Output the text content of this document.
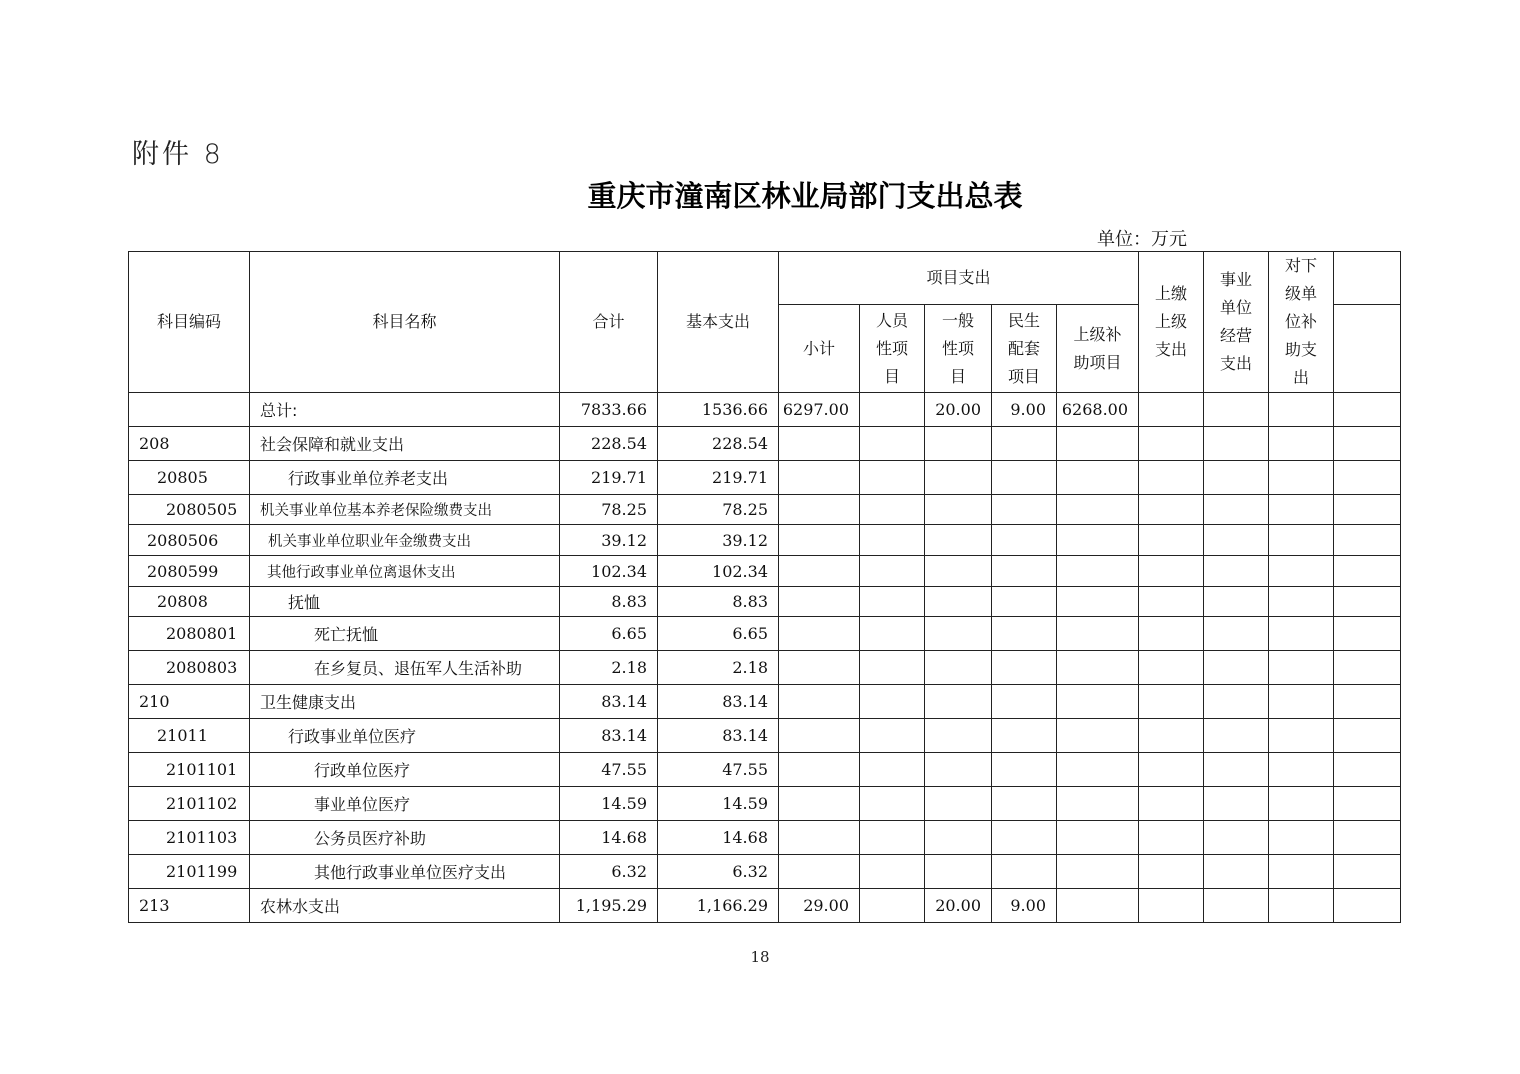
附件 8
重庆市潼南区林业局部门支出总表
单位：万元
科目编码	科目名称	合计	基本支出	项目支出					上缴上级支出	事业单位经营支出	对下级单位补助支出	
				小计	人员性项目	一般性项目	民生配套项目	上级补助项目				
	总计:	7833.66	1536.66	6297.00		20.00	9.00	6268.00				
208	社会保障和就业支出	228.54	228.54									
20805	行政事业单位养老支出	219.71	219.71									
2080505	机关事业单位基本养老保险缴费支出	78.25	78.25									
2080506	机关事业单位职业年金缴费支出	39.12	39.12									
2080599	其他行政事业单位离退休支出	102.34	102.34									
20808	抚恤	8.83	8.83									
2080801	死亡抚恤	6.65	6.65									
2080803	在乡复员、退伍军人生活补助	2.18	2.18									
210	卫生健康支出	83.14	83.14									
21011	行政事业单位医疗	83.14	83.14									
2101101	行政单位医疗	47.55	47.55									
2101102	事业单位医疗	14.59	14.59									
2101103	公务员医疗补助	14.68	14.68									
2101199	其他行政事业单位医疗支出	6.32	6.32									
213	农林水支出	1,195.29	1,166.29	29.00		20.00	9.00					
18
